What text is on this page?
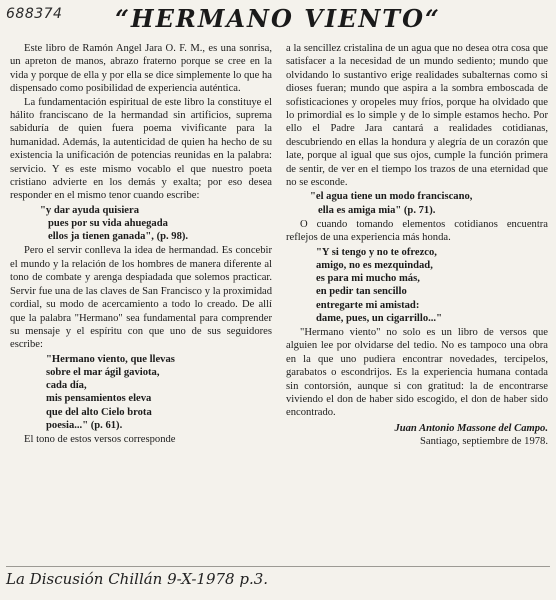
688374	“HERMANO VIENTO“

Este libro de Ramón Angel Jara O. F. M., es una sonrisa, un apreton de manos, abrazo fraterno porque se cree en la vida y porque de ella y por ella se dice simplemente lo que ha dispensado como posibilidad de experiencia auténtica.

La fundamentación espiritual de este libro la constituye el hálito franciscano de la hermandad sin artificios, suprema sabiduría de quien fuera poema vivificante para la humanidad. Además, la autenticidad de quien ha hecho de su existencia la unificación de potencias reunidas en la palabra: servicio. Y es este mismo vocablo el que nuestro poeta cristiano advierte en los demás y exalta; por eso desea responder en el mismo tenor cuando escribe:

"y dar ayuda quisiera
pues por su vida ahuegada
ellos ja tienen ganada", (p. 98).

Pero el servir conlleva la idea de hermandad. Es concebir el mundo y la relación de los hombres de manera diferente al tono de combate y arenga despiadada que solemos practicar. Servir fue una de las claves de San Francisco y la proximidad cordial, su modo de acercamiento a todo lo creado. De allí que la palabra "Hermano" sea fundamental para comprender su mensaje y el espíritu con que uno de sus seguidores escribe:

"Hermano viento, que llevas
sobre el mar ágil gaviota,
cada día,
mis pensamientos eleva
que del alto Cielo brota
poesia..." (p. 61).

El tono de estos versos corresponde

a la sencillez cristalina de un agua que no desea otra cosa que satisfacer a la necesidad de un mundo sediento; mundo que olvidando lo sustantivo erige realidades subalternas como si dioses fueran; mundo que aspira a la sombra emboscada de sofisticaciones y oropeles muy fríos, porque ha olvidado que lo primordial es lo simple y de lo simple estamos hecho. Por ello el Padre Jara cantará a realidades cotidianas, descubriendo en ellas la hondura y alegría de un corazón que late, porque al igual que sus ojos, cumple la función primera de sentir, de ver en el tiempo los trazos de una eternidad que no se esconde.

"el agua tiene un modo franciscano,
ella es amiga mia" (p. 71).

O cuando tomando elementos cotidianos encuentra reflejos de una experiencia más honda.

"Y si tengo y no te ofrezco,
amigo, no es mezquindad,
es para mi mucho más,
en pedir tan sencillo
entregarte mi amistad:
dame, pues, un cigarrillo..."

"Hermano viento" no solo es un libro de versos que alguien lee por olvidarse del tedio. No es tampoco una obra en la que uno pudiera encontrar novedades, tercipelos, garabatos o escondrijos. Es la experiencia humana contada sin contorsión, aunque si con gratitud: la de encontrarse viviendo el don de haber sido escogido, el don de haber sido encontrado.

Juan Antonio Massone del Campo.
Santiago, septiembre de 1978.
La Discusión Chillán 9-X-1978 p.3.
